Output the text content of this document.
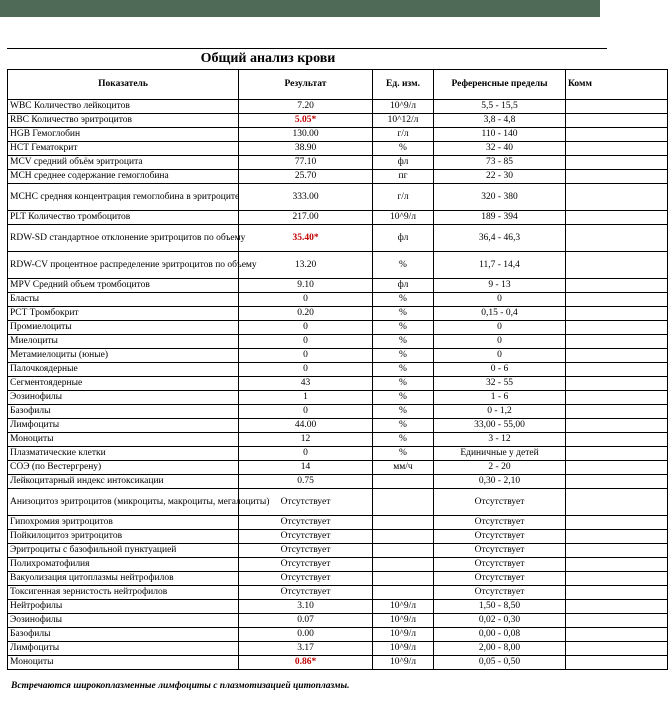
Общий анализ крови
Показатель	Результат	Ед. изм.	Референсные пределы	Комм
WBC Количество лейкоцитов	7.20	10^9/л	5,5 - 15,5	
RBC Количество эритроцитов	5.05*	10^12/л	3,8 - 4,8	
HGB Гемоглобин	130.00	г/л	110 - 140	
HCT Гематокрит	38.90	%	32 - 40	
MCV средний объём эритроцита	77.10	фл	73 - 85	
MCH среднее содержание гемоглобина	25.70	пг	22 - 30	
MCHC средняя концентрация гемоглобина в эритроците	333.00	г/л	320 - 380	
PLT Количество тромбоцитов	217.00	10^9/л	189 - 394	
RDW-SD стандартное отклонение эритроцитов по объему	35.40*	фл	36,4 - 46,3	
RDW-CV процентное распределение эритроцитов по объему	13.20	%	11,7 - 14,4	
MPV Средний объем тромбоцитов	9.10	фл	9 - 13	
Бласты	0	%	0	
PCT Тромбокрит	0.20	%	0,15 - 0,4	
Промиелоциты	0	%	0	
Миелоциты	0	%	0	
Метамиелоциты (юные)	0	%	0	
Палочкоядерные	0	%	0 - 6	
Сегментоядерные	43	%	32 - 55	
Эозинофилы	1	%	1 - 6	
Базофилы	0	%	0 - 1,2	
Лимфоциты	44.00	%	33,00 - 55,00	
Моноциты	12	%	3 - 12	
Плазматические клетки	0	%	Единичные у детей	
СОЭ (по Вестергрену)	14	мм/ч	2 - 20	
Лейкоцитарный индекс интоксикации	0.75		0,30 - 2,10	
Анизоцитоз эритроцитов (микроциты, макроциты, мегалоциты)	Отсутствует		Отсутствует	
Гипохромия эритроцитов	Отсутствует		Отсутствует	
Пойкилоцитоз эритроцитов	Отсутствует		Отсутствует	
Эритроциты с базофильной пунктуацией	Отсутствует		Отсутствует	
Полихроматофилия	Отсутствует		Отсутствует	
Вакуолизация цитоплазмы нейтрофилов	Отсутствует		Отсутствует	
Токсигенная зернистость нейтрофилов	Отсутствует		Отсутствует	
Нейтрофилы	3.10	10^9/л	1,50 - 8,50	
Эозинофилы	0.07	10^9/л	0,02 - 0,30	
Базофилы	0.00	10^9/л	0,00 - 0,08	
Лимфоциты	3.17	10^9/л	2,00 - 8,00	
Моноциты	0.86*	10^9/л	0,05 - 0,50	
Встречаются широкоплазменные лимфоциты с плазмотизацией цитоплазмы.
